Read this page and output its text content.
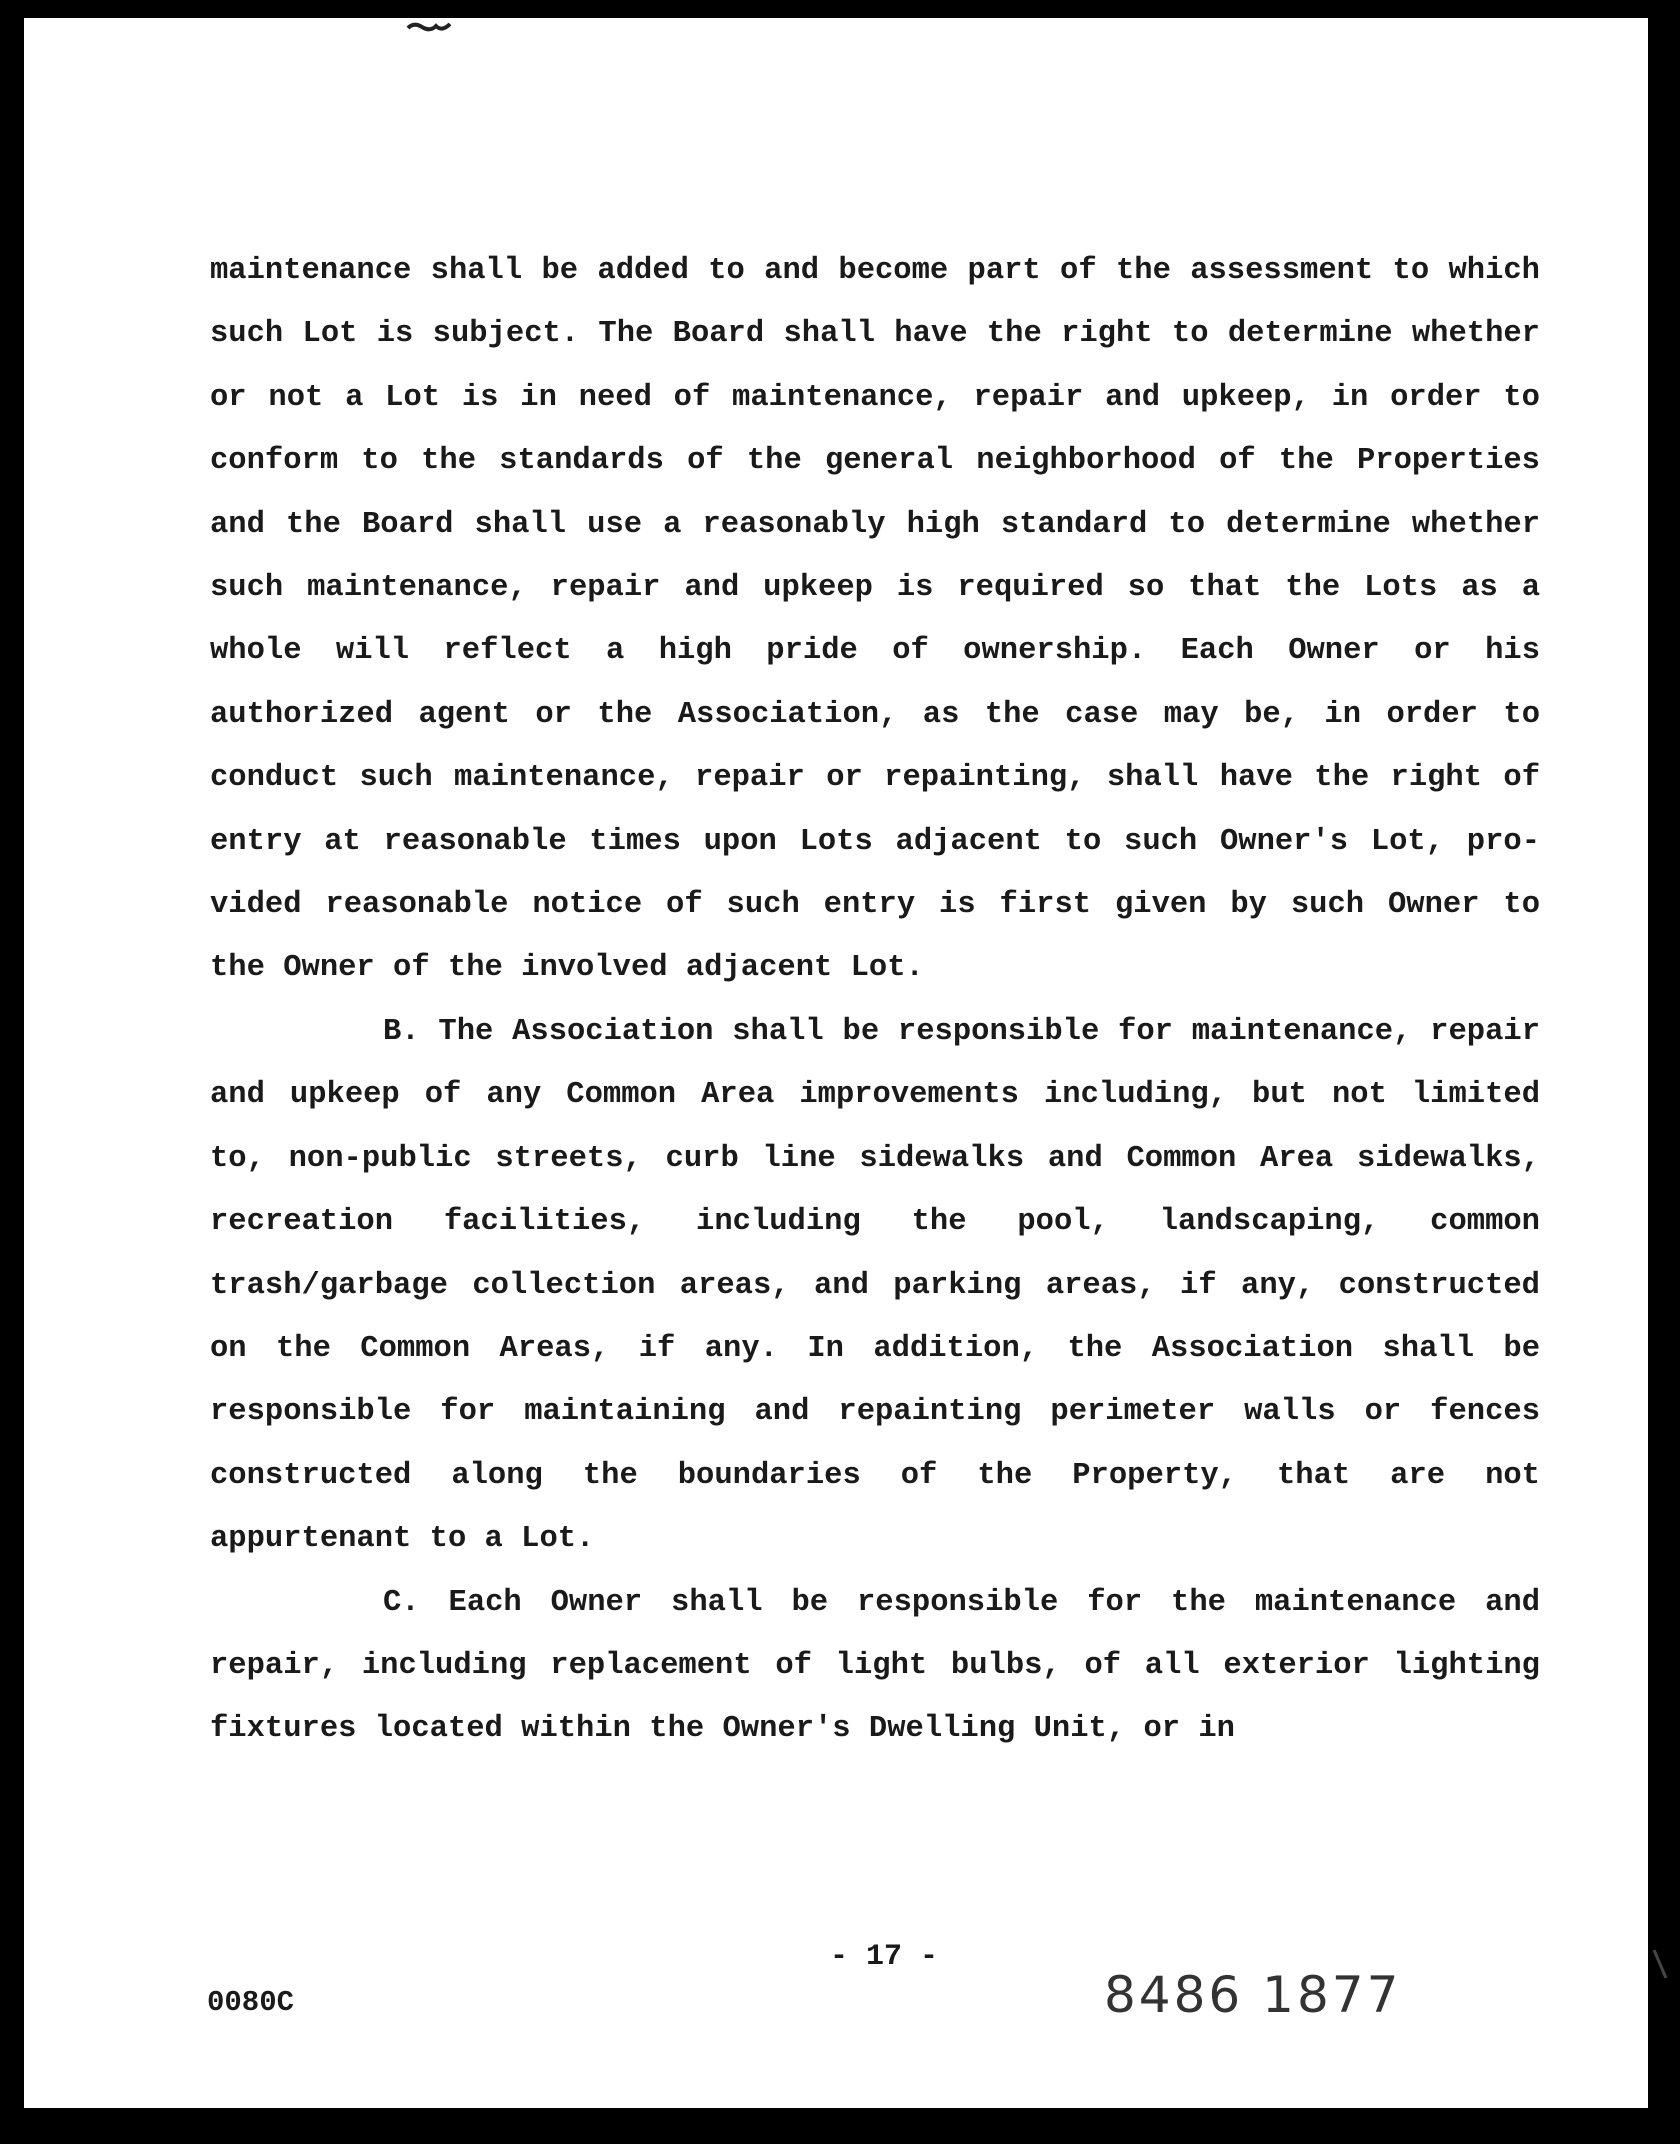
maintenance shall be added to and become part of the assessment to which such Lot is subject. The Board shall have the right to determine whether or not a Lot is in need of maintenance, repair and upkeep, in order to conform to the standards of the general neighborhood of the Properties and the Board shall use a reasonably high standard to determine whether such maintenance, repair and upkeep is required so that the Lots as a whole will reflect a high pride of ownership. Each Owner or his authorized agent or the Association, as the case may be, in order to conduct such maintenance, repair or repainting, shall have the right of entry at reasonable times upon Lots adjacent to such Owner's Lot, provided reasonable notice of such entry is first given by such Owner to the Owner of the involved adjacent Lot.

B. The Association shall be responsible for maintenance, repair and upkeep of any Common Area improvements including, but not limited to, non-public streets, curb line sidewalks and Common Area sidewalks, recreation facilities, including the pool, landscaping, common trash/garbage collection areas, and parking areas, if any, constructed on the Common Areas, if any. In addition, the Association shall be responsible for maintaining and repainting perimeter walls or fences constructed along the boundaries of the Property, that are not appurtenant to a Lot.

C. Each Owner shall be responsible for the maintenance and repair, including replacement of light bulbs, of all exterior lighting fixtures located within the Owner's Dwelling Unit, or in

- 17 -
0080C	8486 1877
